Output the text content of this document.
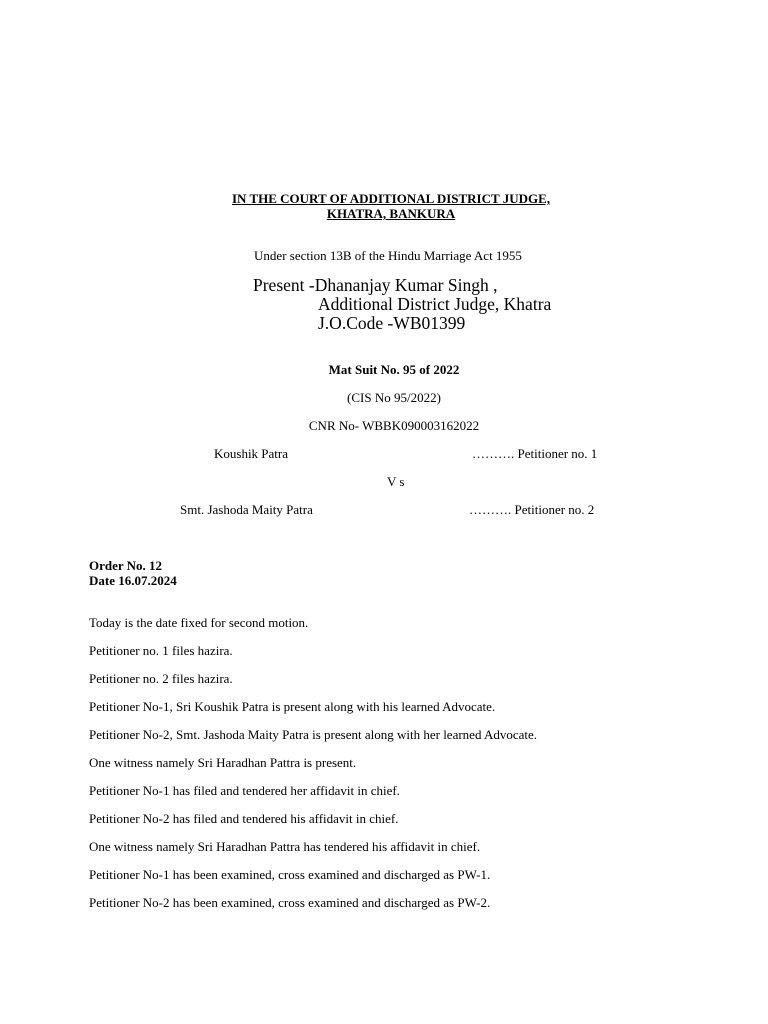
IN THE COURT OF ADDITIONAL DISTRICT JUDGE,
KHATRA, BANKURA
Under section 13B of the Hindu Marriage Act 1955
Present -Dhananjay Kumar Singh ,
Additional District Judge, Khatra
J.O.Code -WB01399
Mat Suit No. 95 of 2022
(CIS No 95/2022)
CNR No- WBBK090003162022
Koushik Patra	………. Petitioner no. 1
V s
Smt. Jashoda Maity Patra	………. Petitioner no. 2
Order No. 12
Date 16.07.2024
Today is the date fixed for second motion.
Petitioner no. 1 files hazira.
Petitioner no. 2 files hazira.
Petitioner No-1, Sri Koushik Patra is present along with his learned Advocate.
Petitioner No-2, Smt. Jashoda Maity Patra is present along with her learned Advocate.
One witness namely Sri Haradhan Pattra is present.
Petitioner No-1 has filed and tendered her affidavit in chief.
Petitioner No-2 has filed and tendered his affidavit in chief.
One witness namely Sri Haradhan Pattra has tendered his affidavit in chief.
Petitioner No-1 has been examined, cross examined and discharged as PW-1.
Petitioner No-2 has been examined, cross examined and discharged as PW-2.
